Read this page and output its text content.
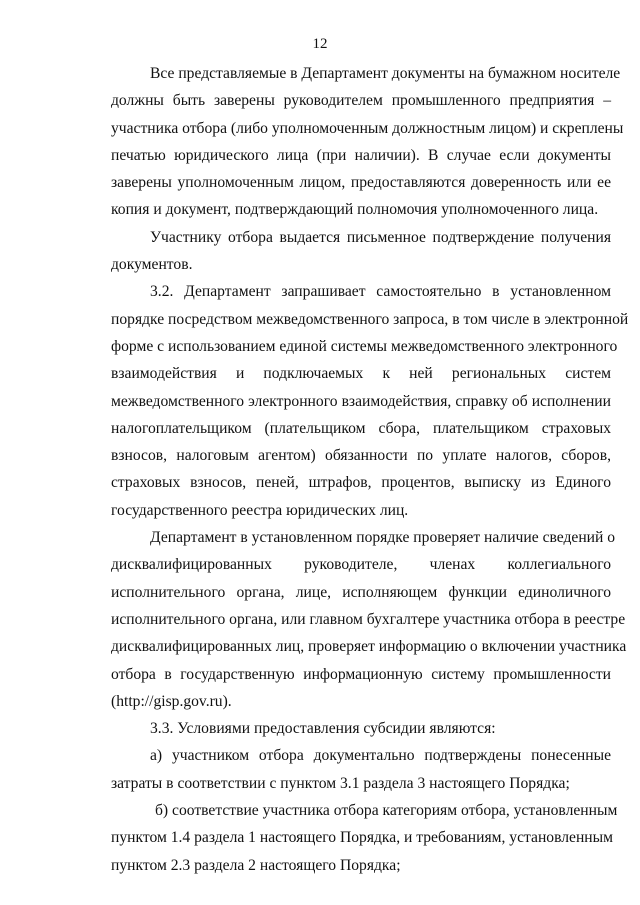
12
Все представляемые в Департамент документы на бумажном носителе
должны быть заверены руководителем промышленного предприятия –
участника отбора (либо уполномоченным должностным лицом) и скреплены
печатью юридического лица (при наличии). В случае если документы
заверены уполномоченным лицом, предоставляются доверенность или ее
копия и документ, подтверждающий полномочия уполномоченного лица.
Участнику отбора выдается письменное подтверждение получения
документов.
3.2. Департамент запрашивает самостоятельно в установленном
порядке посредством межведомственного запроса, в том числе в электронной
форме с использованием единой системы межведомственного электронного
взаимодействия и подключаемых к ней региональных систем
межведомственного электронного взаимодействия, справку об исполнении
налогоплательщиком (плательщиком сбора, плательщиком страховых
взносов, налоговым агентом) обязанности по уплате налогов, сборов,
страховых взносов, пеней, штрафов, процентов, выписку из Единого
государственного реестра юридических лиц.
Департамент в установленном порядке проверяет наличие сведений о
дисквалифицированных руководителе, членах коллегиального
исполнительного органа, лице, исполняющем функции единоличного
исполнительного органа, или главном бухгалтере участника отбора в реестре
дисквалифицированных лиц, проверяет информацию о включении участника
отбора в государственную информационную систему промышленности
(http://gisp.gov.ru).
3.3. Условиями предоставления субсидии являются:
а) участником отбора документально подтверждены понесенные
затраты в соответствии с пунктом 3.1 раздела 3 настоящего Порядка;
б) соответствие участника отбора категориям отбора, установленным
пунктом 1.4 раздела 1 настоящего Порядка, и требованиям, установленным
пунктом 2.3 раздела 2 настоящего Порядка;
